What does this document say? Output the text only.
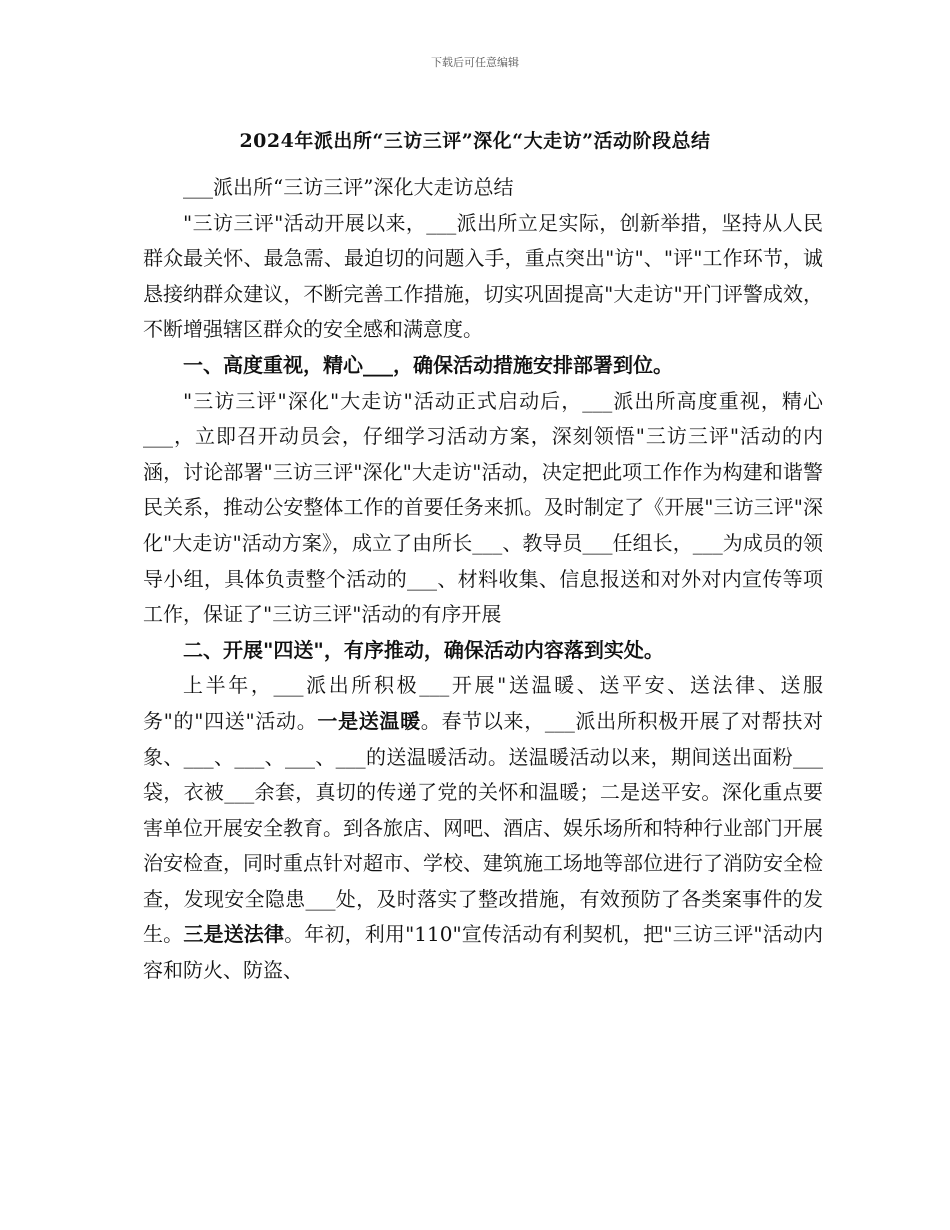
下载后可任意编辑
2024年派出所“三访三评”深化“大走访”活动阶段总结

___派出所“三访三评”深化大走访总结

"三访三评"活动开展以来，___派出所立足实际，创新举措，坚持从人民群众最关怀、最急需、最迫切的问题入手，重点突出"访"、"评"工作环节，诚恳接纳群众建议，不断完善工作措施，切实巩固提高"大走访"开门评警成效，不断增强辖区群众的安全感和满意度。

一、高度重视，精心___，确保活动措施安排部署到位。

"三访三评"深化"大走访"活动正式启动后，___派出所高度重视，精心___，立即召开动员会，仔细学习活动方案，深刻领悟"三访三评"活动的内涵，讨论部署"三访三评"深化"大走访"活动，决定把此项工作作为构建和谐警民关系，推动公安整体工作的首要任务来抓。及时制定了《开展"三访三评"深化"大走访"活动方案》，成立了由所长___、教导员___任组长，___为成员的领导小组，具体负责整个活动的___、材料收集、信息报送和对外对内宣传等项工作，保证了"三访三评"活动的有序开展

二、开展"四送"，有序推动，确保活动内容落到实处。

上半年，___派出所积极___开展"送温暖、送平安、送法律、送服务"的"四送"活动。一是送温暖。春节以来，___派出所积极开展了对帮扶对象、___、___、___、___的送温暖活动。送温暖活动以来，期间送出面粉___袋，衣被___余套，真切的传递了党的关怀和温暖；二是送平安。深化重点要害单位开展安全教育。到各旅店、网吧、酒店、娱乐场所和特种行业部门开展治安检查，同时重点针对超市、学校、建筑施工场地等部位进行了消防安全检查，发现安全隐患___处，及时落实了整改措施，有效预防了各类案事件的发生。三是送法律。年初，利用"110"宣传活动有利契机，把"三访三评"活动内容和防火、防盗、
